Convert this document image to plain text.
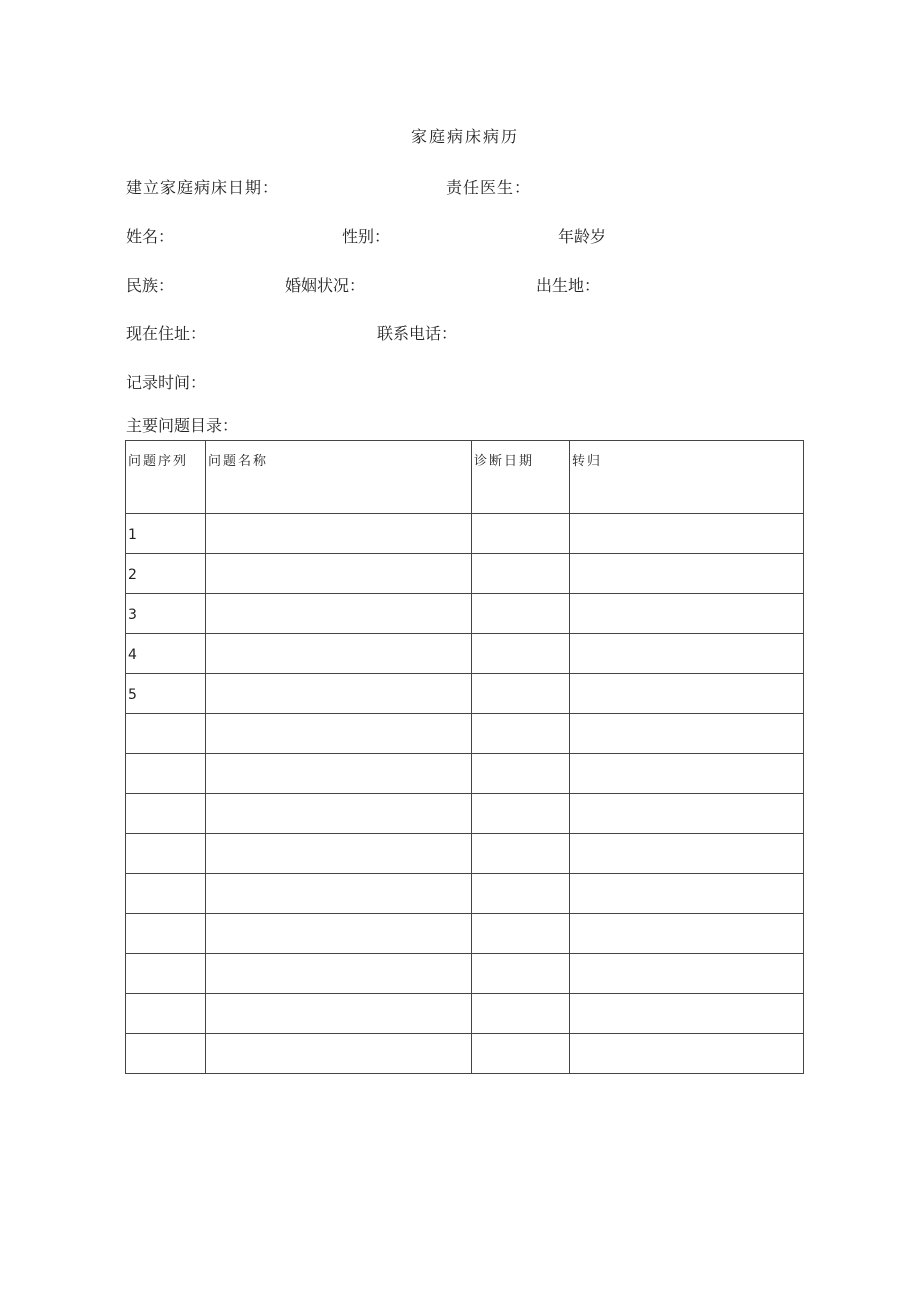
家庭病床病历
建立家庭病床日期：	责任医生：
姓名：	性别：	年龄岁
民族：	婚姻状况：	出生地：
现在住址：	联系电话：
记录时间：
主要问题目录：
问题序列	问题名称	诊断日期	转归

1			
2			
3			
4			
5			
